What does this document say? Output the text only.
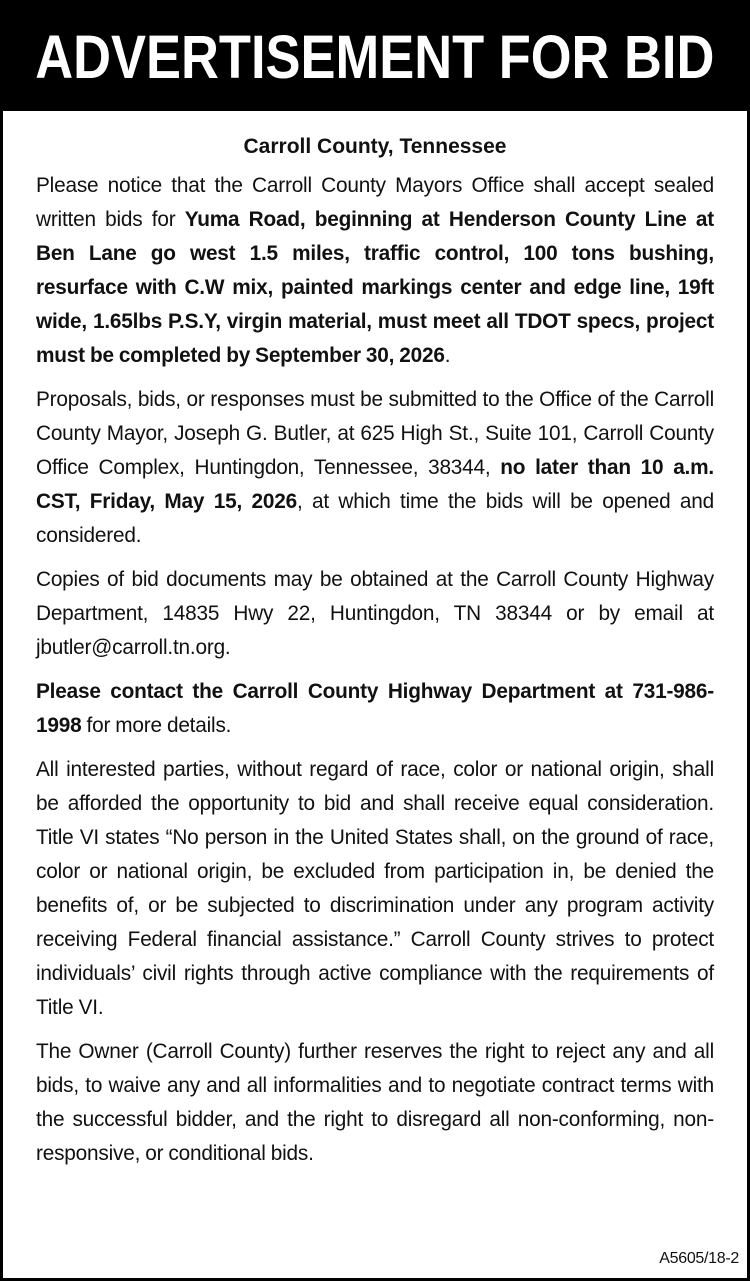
ADVERTISEMENT FOR BID
Carroll County, Tennessee

Please notice that the Carroll County Mayors Office shall accept sealed written bids for Yuma Road, beginning at Henderson County Line at Ben Lane go west 1.5 miles, traffic control, 100 tons bushing, resurface with C.W mix, painted markings center and edge line, 19ft wide, 1.65lbs P.S.Y, virgin material, must meet all TDOT specs, project must be completed by September 30, 2026.

Proposals, bids, or responses must be submitted to the Office of the Carroll County Mayor, Joseph G. Butler, at 625 High St., Suite 101, Carroll County Office Complex, Huntingdon, Tennessee, 38344, no later than 10 a.m. CST, Friday, May 15, 2026, at which time the bids will be opened and considered.

Copies of bid documents may be obtained at the Carroll County Highway Department, 14835 Hwy 22, Huntingdon, TN 38344 or by email at jbutler@carroll.tn.org.

Please contact the Carroll County Highway Department at 731-986-1998 for more details.

All interested parties, without regard of race, color or national origin, shall be afforded the opportunity to bid and shall receive equal consideration. Title VI states “No person in the United States shall, on the ground of race, color or national origin, be excluded from participation in, be denied the benefits of, or be subjected to discrimination under any program activity receiving Federal financial assistance.” Carroll County strives to protect individuals’ civil rights through active compliance with the requirements of Title VI.

The Owner (Carroll County) further reserves the right to reject any and all bids, to waive any and all informalities and to negotiate contract terms with the successful bidder, and the right to disregard all non-conforming, non-responsive, or conditional bids.

A5605/18-2
